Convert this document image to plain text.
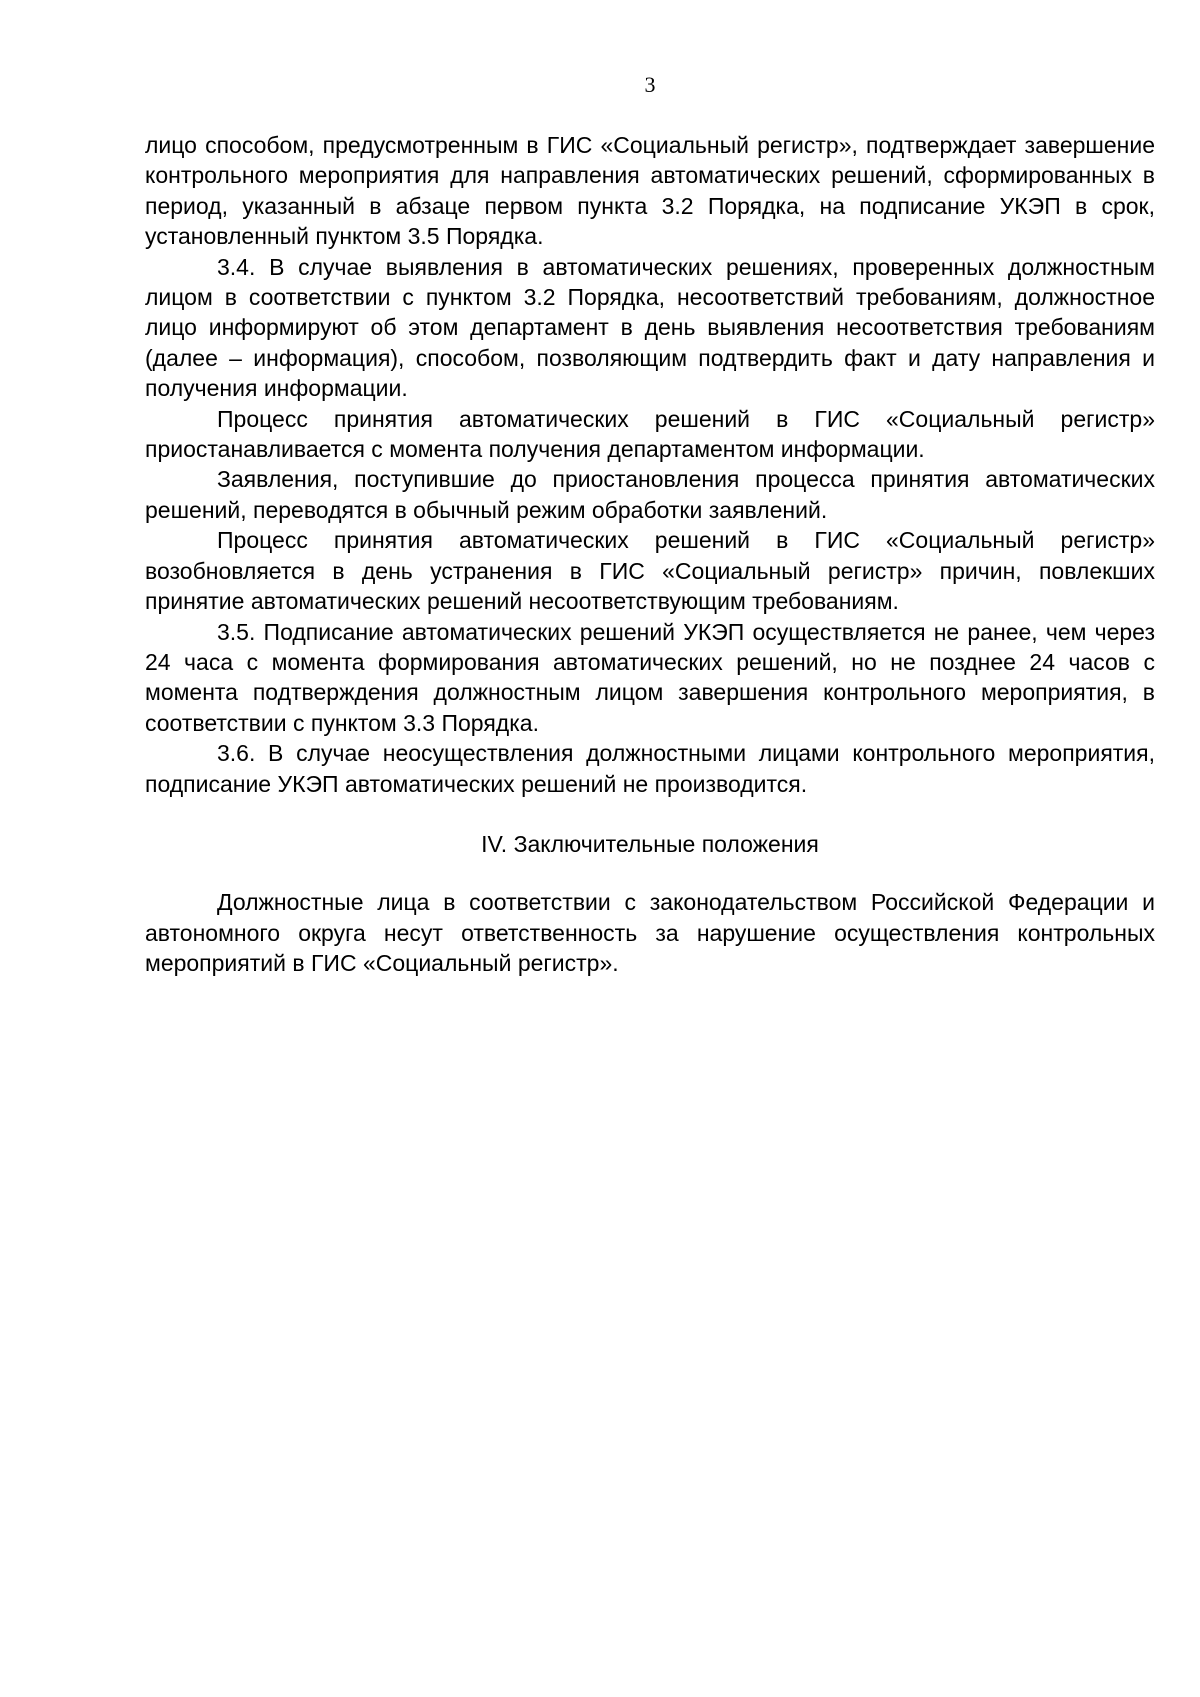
3

лицо способом, предусмотренным в ГИС «Социальный регистр», подтверждает завершение контрольного мероприятия для направления автоматических решений, сформированных в период, указанный в абзаце первом пункта 3.2 Порядка, на подписание УКЭП в срок, установленный пунктом 3.5 Порядка.

3.4. В случае выявления в автоматических решениях, проверенных должностным лицом в соответствии с пунктом 3.2 Порядка, несоответствий требованиям, должностное лицо информируют об этом департамент в день выявления несоответствия требованиям (далее – информация), способом, позволяющим подтвердить факт и дату направления и получения информации.

Процесс принятия автоматических решений в ГИС «Социальный регистр» приостанавливается с момента получения департаментом информации.

Заявления, поступившие до приостановления процесса принятия автоматических решений, переводятся в обычный режим обработки заявлений.

Процесс принятия автоматических решений в ГИС «Социальный регистр» возобновляется в день устранения в ГИС «Социальный регистр» причин, повлекших принятие автоматических решений несоответствующим требованиям.

3.5. Подписание автоматических решений УКЭП осуществляется не ранее, чем через 24 часа с момента формирования автоматических решений, но не позднее 24 часов с момента подтверждения должностным лицом завершения контрольного мероприятия, в соответствии с пунктом 3.3 Порядка.

3.6. В случае неосуществления должностными лицами контрольного мероприятия, подписание УКЭП автоматических решений не производится.

IV. Заключительные положения

Должностные лица в соответствии с законодательством Российской Федерации и автономного округа несут ответственность за нарушение осуществления контрольных мероприятий в ГИС «Социальный регистр».
